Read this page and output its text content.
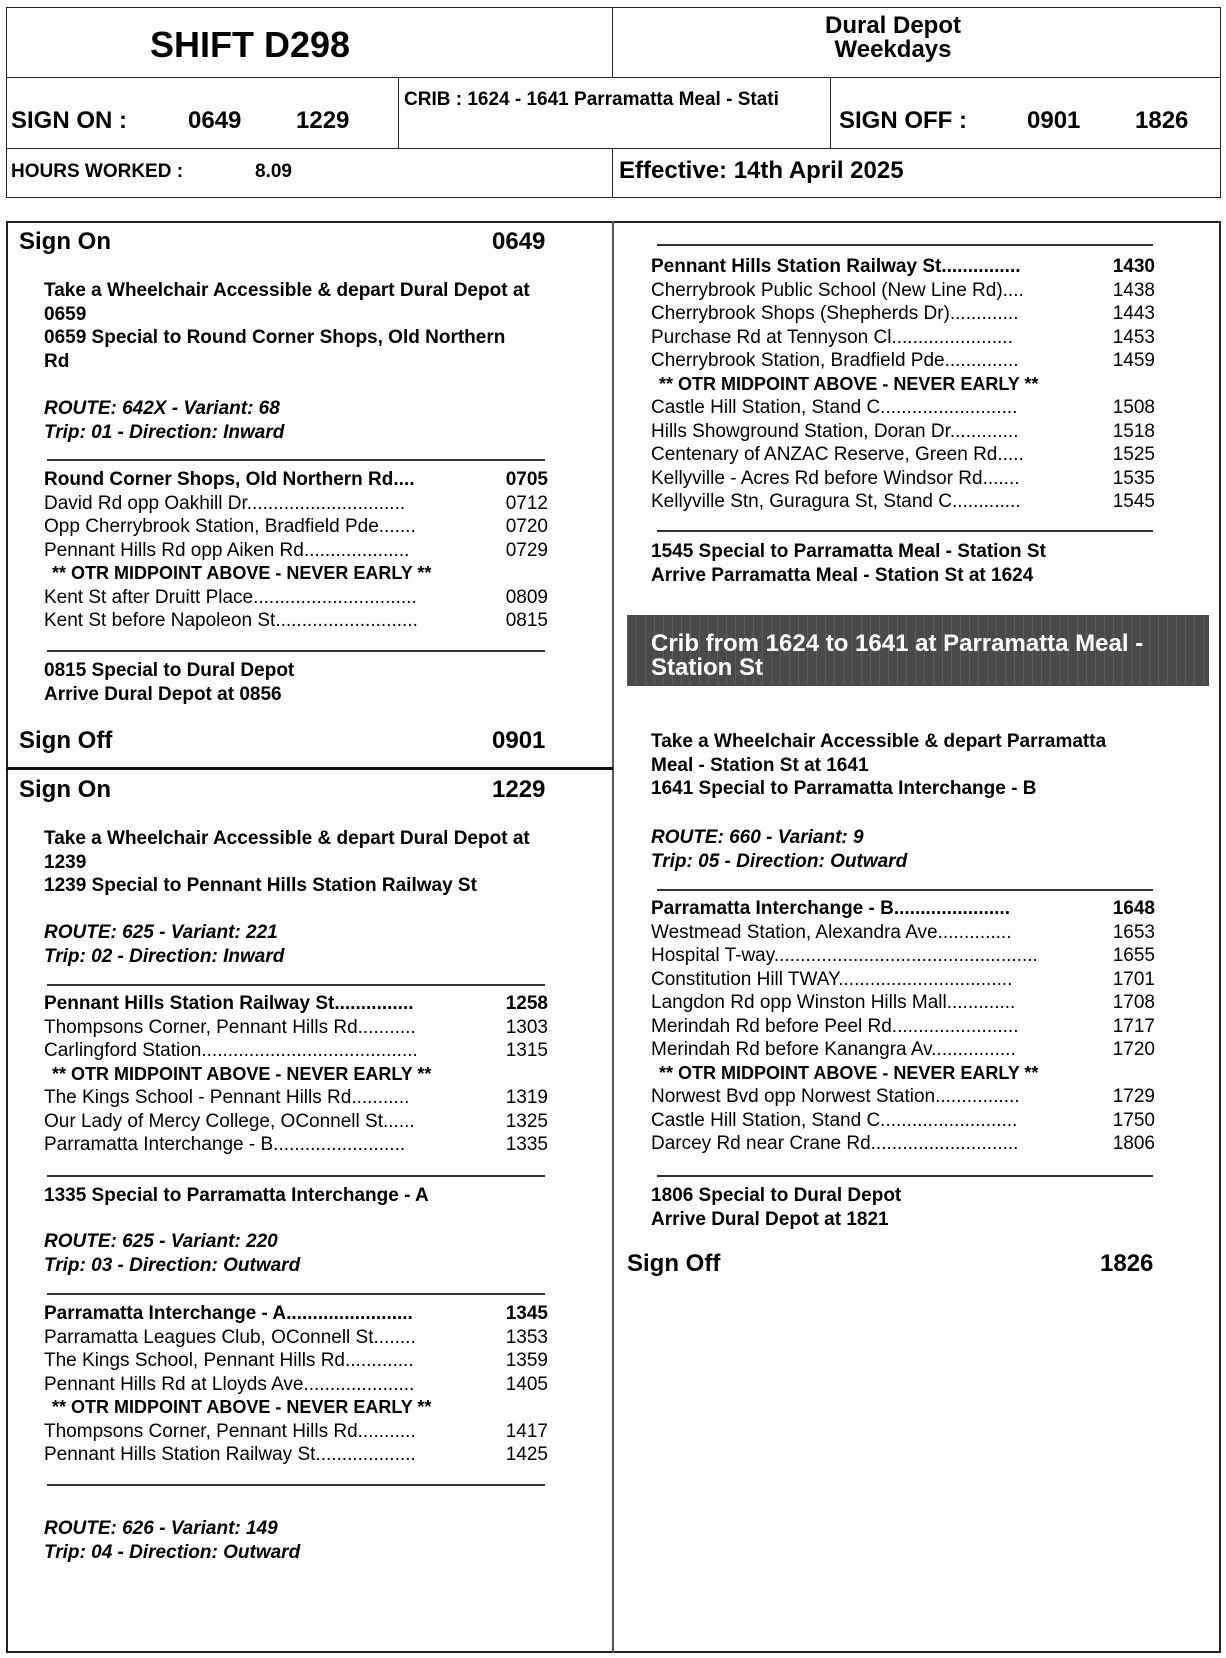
SHIFT D298	Dural Depot
Weekdays
SIGN ON :	0649 1229
CRIB : 1624 - 1641 Parramatta Meal - Stati
SIGN OFF :	0901 1826
HOURS WORKED :	8.09	Effective: 14th April 2025
Sign On	0649
Take a Wheelchair Accessible & depart Dural Depot at
0659
0659 Special to Round Corner Shops, Old Northern
Rd
ROUTE: 642X - Variant: 68
Trip: 01 - Direction: Inward
Round Corner Shops, Old Northern Rd....	0705
David Rd opp Oakhill Dr..............................	0712
Opp Cherrybrook Station, Bradfield Pde.......	0720
Pennant Hills Rd opp Aiken Rd....................	0729
** OTR MIDPOINT ABOVE - NEVER EARLY **
Kent St after Druitt Place...............................	0809
Kent St before Napoleon St...........................	0815
0815 Special to Dural Depot
Arrive Dural Depot at 0856
Sign Off	0901
Sign On	1229
Take a Wheelchair Accessible & depart Dural Depot at
1239
1239 Special to Pennant Hills Station Railway St
ROUTE: 625 - Variant: 221
Trip: 02 - Direction: Inward
Pennant Hills Station Railway St...............	1258
Thompsons Corner, Pennant Hills Rd...........	1303
Carlingford Station.........................................	1315
** OTR MIDPOINT ABOVE - NEVER EARLY **
The Kings School - Pennant Hills Rd...........	1319
Our Lady of Mercy College, OConnell St......	1325
Parramatta Interchange - B.........................	1335
1335 Special to Parramatta Interchange - A
ROUTE: 625 - Variant: 220
Trip: 03 - Direction: Outward
Parramatta Interchange - A........................	1345
Parramatta Leagues Club, OConnell St........	1353
The Kings School, Pennant Hills Rd.............	1359
Pennant Hills Rd at Lloyds Ave.....................	1405
** OTR MIDPOINT ABOVE - NEVER EARLY **
Thompsons Corner, Pennant Hills Rd...........	1417
Pennant Hills Station Railway St...................	1425
ROUTE: 626 - Variant: 149
Trip: 04 - Direction: Outward
Pennant Hills Station Railway St...............	1430
Cherrybrook Public School (New Line Rd)....	1438
Cherrybrook Shops (Shepherds Dr).............	1443
Purchase Rd at Tennyson Cl.......................	1453
Cherrybrook Station, Bradfield Pde..............	1459
** OTR MIDPOINT ABOVE - NEVER EARLY **
Castle Hill Station, Stand C..........................	1508
Hills Showground Station, Doran Dr.............	1518
Centenary of ANZAC Reserve, Green Rd.....	1525
Kellyville - Acres Rd before Windsor Rd.......	1535
Kellyville Stn, Guragura St, Stand C.............	1545
1545 Special to Parramatta Meal - Station St
Arrive Parramatta Meal - Station St at 1624
Crib from 1624 to 1641 at Parramatta Meal -
Station St
Take a Wheelchair Accessible & depart Parramatta
Meal - Station St at 1641
1641 Special to Parramatta Interchange - B
ROUTE: 660 - Variant: 9
Trip: 05 - Direction: Outward
Parramatta Interchange - B......................	1648
Westmead Station, Alexandra Ave..............	1653
Hospital T-way..................................................	1655
Constitution Hill TWAY.................................	1701
Langdon Rd opp Winston Hills Mall.............	1708
Merindah Rd before Peel Rd........................	1717
Merindah Rd before Kanangra Av................	1720
** OTR MIDPOINT ABOVE - NEVER EARLY **
Norwest Bvd opp Norwest Station................	1729
Castle Hill Station, Stand C..........................	1750
Darcey Rd near Crane Rd............................	1806
1806 Special to Dural Depot
Arrive Dural Depot at 1821
Sign Off	1826
